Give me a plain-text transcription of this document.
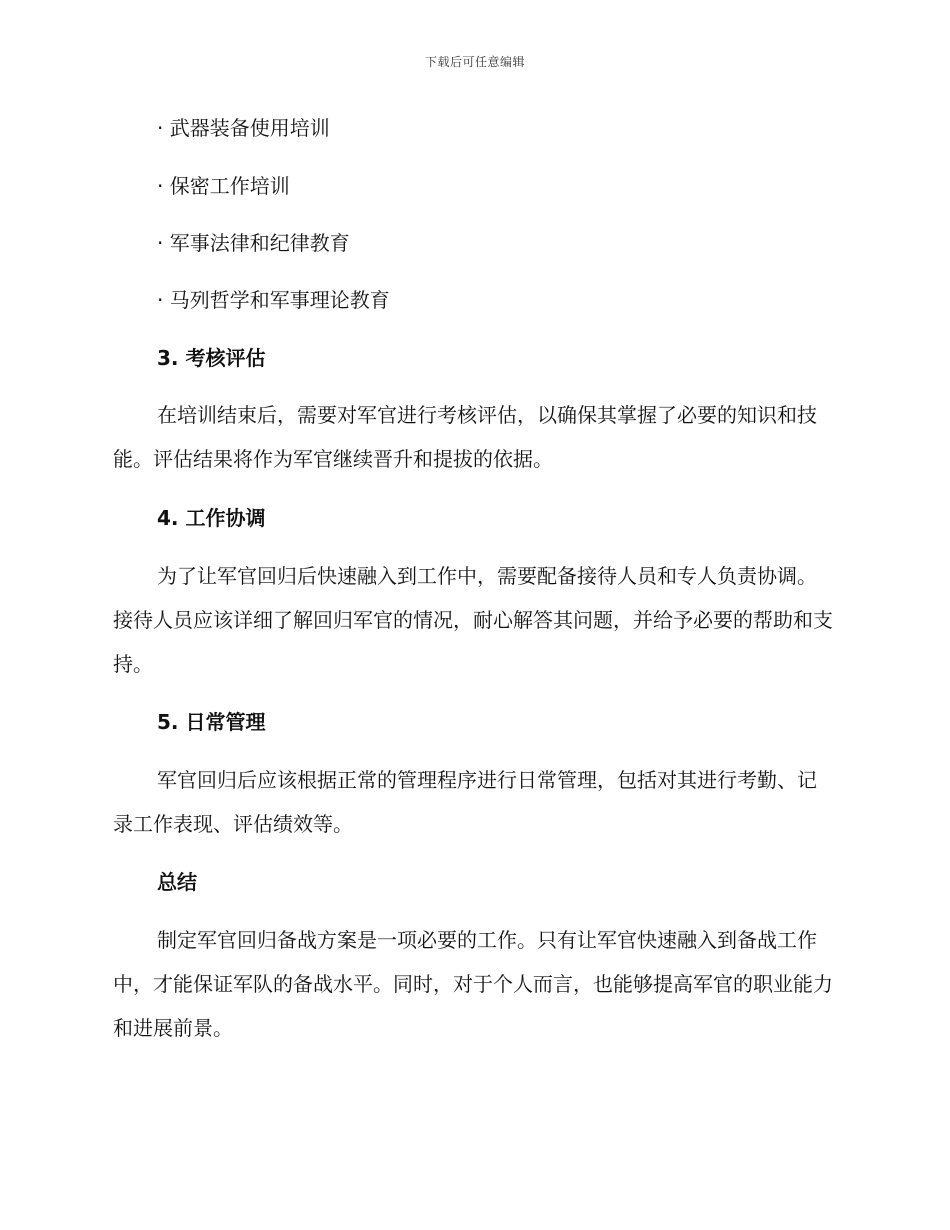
下载后可任意编辑
· 武器装备使用培训
· 保密工作培训
· 军事法律和纪律教育
· 马列哲学和军事理论教育
3. 考核评估

在培训结束后，需要对军官进行考核评估，以确保其掌握了必要的知识和技能。评估结果将作为军官继续晋升和提拔的依据。

4. 工作协调

为了让军官回归后快速融入到工作中，需要配备接待人员和专人负责协调。接待人员应该详细了解回归军官的情况，耐心解答其问题，并给予必要的帮助和支持。

5. 日常管理

军官回归后应该根据正常的管理程序进行日常管理，包括对其进行考勤、记录工作表现、评估绩效等。

总结

制定军官回归备战方案是一项必要的工作。只有让军官快速融入到备战工作中，才能保证军队的备战水平。同时，对于个人而言，也能够提高军官的职业能力和进展前景。
